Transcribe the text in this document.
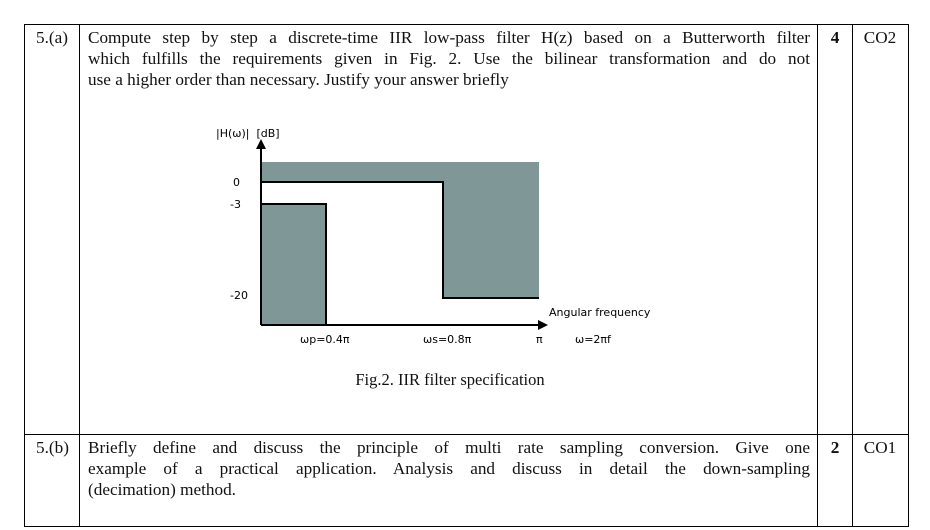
5.(a) Compute step by step a discrete-time IIR low-pass filter H(z) based on a Butterworth filter
which fulfills the requirements given in Fig. 2. Use the bilinear transformation and do not
use a higher order than necessary. Justify your answer briefly
4	CO2
|H(ω)|  [dB]
0
-3
-20
Angular frequency
ωp=0.4π	ωs=0.8π	π	ω=2πf
Fig.2. IIR filter specification
5.(b) Briefly define and discuss the principle of multi rate sampling conversion. Give one
example of a practical application. Analysis and discuss in detail the down-sampling
(decimation) method.
2	CO1
